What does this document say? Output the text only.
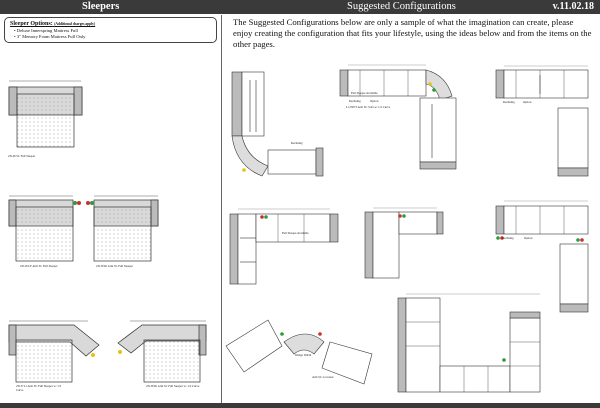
Sleepers	Suggested Configurations	v.11.02.18
Sleeper Options: (Additional charges apply)
• Deluxe Innerspring Mattress Full
• 3" Memory Foam Mattress Full Only
The Suggested Configurations below are only a sample of what the imagination can create, please enjoy creating the configuration that fits your lifestyle, using the ideas below and from the items on the other pages.
23146 SC Full Sleeper
23129 LF Arm SC Full Sleeper	23130 Rt Arm SC Full Sleeper
23137 Lt Arm SC Full Sleeper w/ 1/2 Curve
23136 Rt Arm SC Full Sleeper w/ 1/2 Curve
Reclining
Full Sleeper Available
Reclining	Option
Lt 23073 Arm SC Sofa w/ 1/2 Curve
Reclining	Option
Full Sleeper Available
Reclining	Option
Wedge 30434
Arm SC Loveseat
